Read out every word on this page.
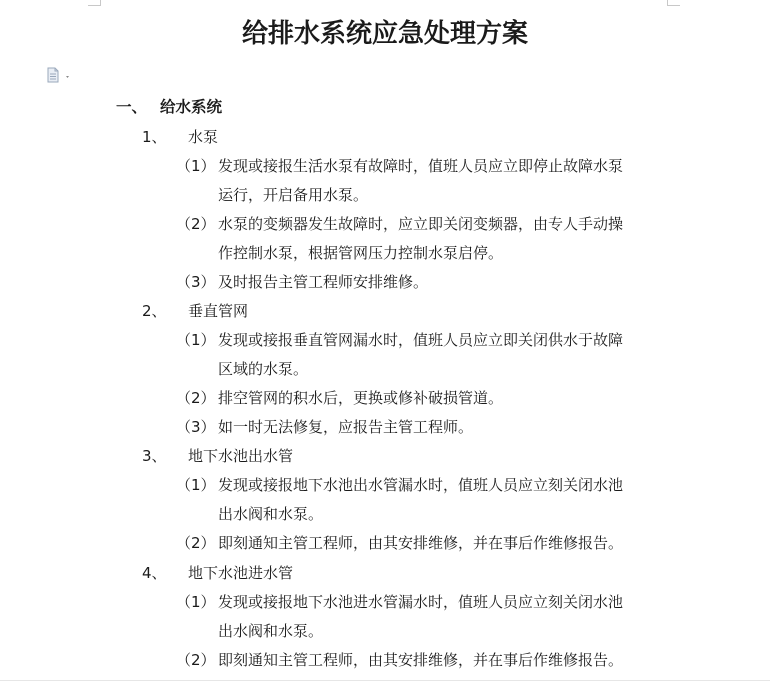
给排水系统应急处理方案
一、 给水系统
1、 水泵
（1） 发现或接报生活水泵有故障时，值班人员应立即停止故障水泵
运行，开启备用水泵。
（2） 水泵的变频器发生故障时，应立即关闭变频器，由专人手动操
作控制水泵，根据管网压力控制水泵启停。
（3） 及时报告主管工程师安排维修。
2、 垂直管网
（1） 发现或接报垂直管网漏水时，值班人员应立即关闭供水于故障
区域的水泵。
（2） 排空管网的积水后，更换或修补破损管道。
（3） 如一时无法修复，应报告主管工程师。
3、 地下水池出水管
（1） 发现或接报地下水池出水管漏水时，值班人员应立刻关闭水池
出水阀和水泵。
（2） 即刻通知主管工程师，由其安排维修，并在事后作维修报告。
4、 地下水池进水管
（1） 发现或接报地下水池进水管漏水时，值班人员应立刻关闭水池
出水阀和水泵。
（2） 即刻通知主管工程师，由其安排维修，并在事后作维修报告。
